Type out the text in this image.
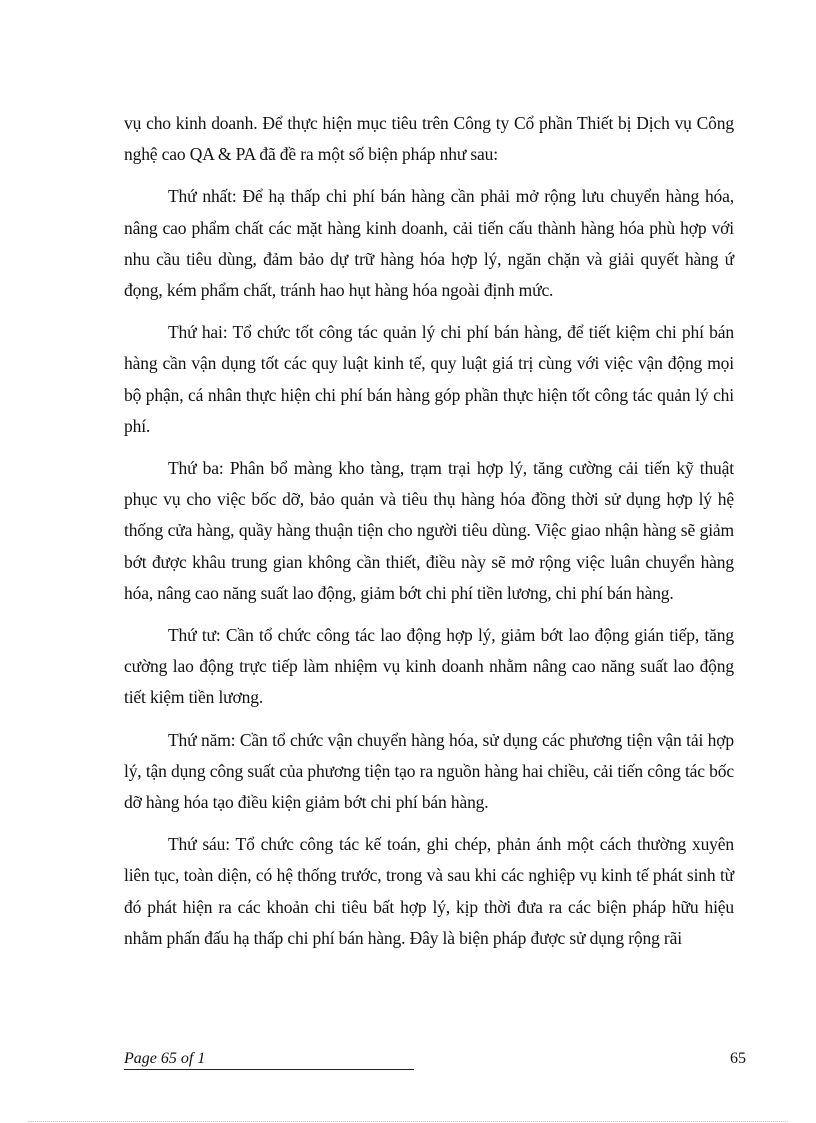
vụ cho kinh doanh. Để thực hiện mục tiêu trên Công ty Cổ phần Thiết bị Dịch vụ Công nghệ cao QA & PA đã đề ra một số biện pháp như sau:

Thứ nhất: Để hạ thấp chi phí bán hàng cần phải mở rộng lưu chuyển hàng hóa, nâng cao phẩm chất các mặt hàng kinh doanh, cải tiến cấu thành hàng hóa phù hợp với nhu cầu tiêu dùng, đảm bảo dự trữ hàng hóa hợp lý, ngăn chặn và giải quyết hàng ứ đọng, kém phẩm chất, tránh hao hụt hàng hóa ngoài định mức.

Thứ hai: Tổ chức tốt công tác quản lý chi phí bán hàng, để tiết kiệm chi phí bán hàng cần vận dụng tốt các quy luật kinh tế, quy luật giá trị cùng với việc vận động mọi bộ phận, cá nhân thực hiện chi phí bán hàng góp phần thực hiện tốt công tác quản lý chi phí.

Thứ ba: Phân bổ màng kho tàng, trạm trại hợp lý, tăng cường cải tiến kỹ thuật phục vụ cho việc bốc dỡ, bảo quản và tiêu thụ hàng hóa đồng thời sử dụng hợp lý hệ thống cửa hàng, quầy hàng thuận tiện cho người tiêu dùng. Việc giao nhận hàng sẽ giảm bớt được khâu trung gian không cần thiết, điều này sẽ mở rộng việc luân chuyển hàng hóa, nâng cao năng suất lao động, giảm bớt chi phí tiền lương, chi phí bán hàng.

Thứ tư: Cần tổ chức công tác lao động hợp lý, giảm bớt lao động gián tiếp, tăng cường lao động trực tiếp làm nhiệm vụ kinh doanh nhằm nâng cao năng suất lao động tiết kiệm tiền lương.

Thứ năm: Cần tổ chức vận chuyển hàng hóa, sử dụng các phương tiện vận tải hợp lý, tận dụng công suất của phương tiện tạo ra nguồn hàng hai chiều, cải tiến công tác bốc dỡ hàng hóa tạo điều kiện giảm bớt chi phí bán hàng.

Thứ sáu: Tổ chức công tác kế toán, ghi chép, phản ánh một cách thường xuyên liên tục, toàn diện, có hệ thống trước, trong và sau khi các nghiệp vụ kinh tế phát sinh từ đó phát hiện ra các khoản chi tiêu bất hợp lý, kịp thời đưa ra các biện pháp hữu hiệu nhằm phấn đấu hạ thấp chi phí bán hàng. Đây là biện pháp được sử dụng rộng rãi

Page 65 of 1	65
